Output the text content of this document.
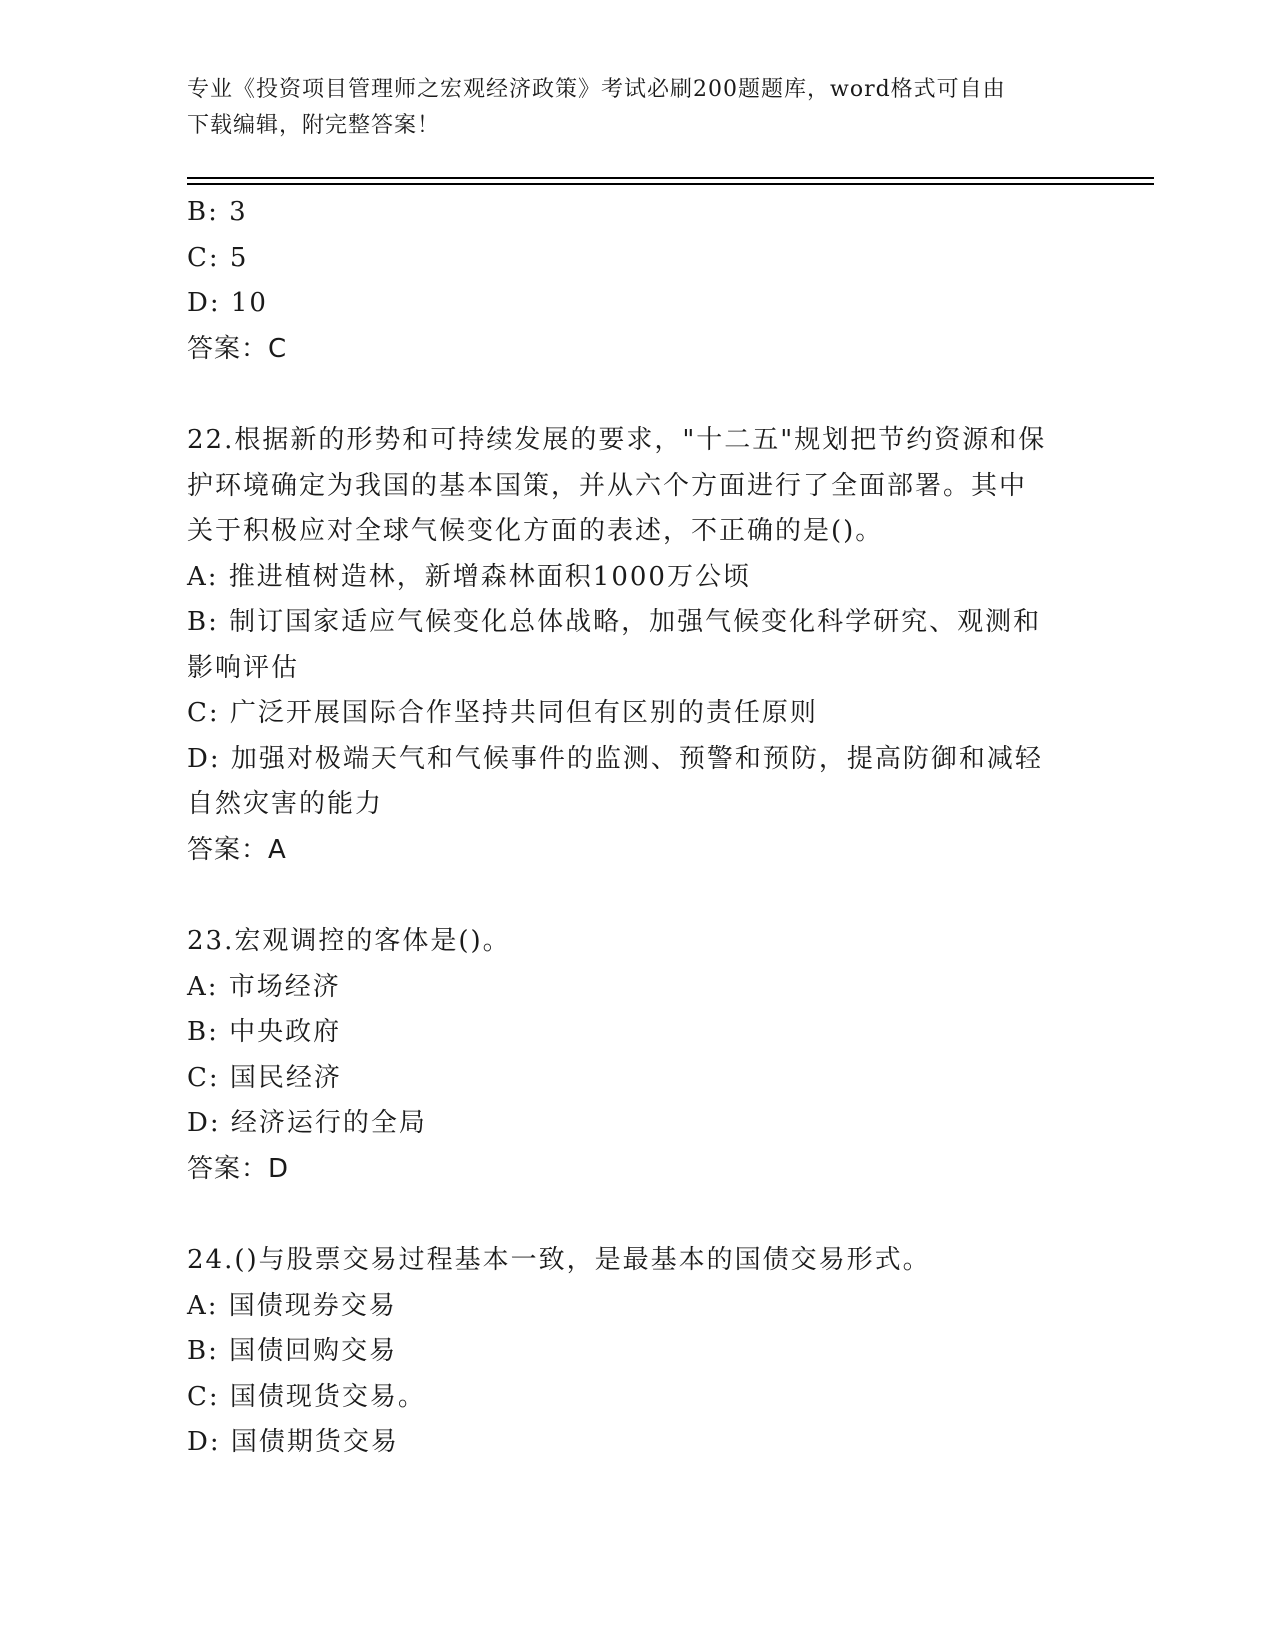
专业《投资项目管理师之宏观经济政策》考试必刷200题题库，word格式可自由
下载编辑，附完整答案！

B: 3

C: 5

D: 10

答案：C

22.根据新的形势和可持续发展的要求，"十二五"规划把节约资源和保

护环境确定为我国的基本国策，并从六个方面进行了全面部署。其中

关于积极应对全球气候变化方面的表述，不正确的是()。

A: 推进植树造林，新增森林面积1000万公顷

B: 制订国家适应气候变化总体战略，加强气候变化科学研究、观测和

影响评估

C: 广泛开展国际合作坚持共同但有区别的责任原则

D: 加强对极端天气和气候事件的监测、预警和预防，提高防御和减轻

自然灾害的能力

答案：A

23.宏观调控的客体是()。

A: 市场经济

B: 中央政府

C: 国民经济

D: 经济运行的全局

答案：D

24.()与股票交易过程基本一致，是最基本的国债交易形式。

A: 国债现券交易

B: 国债回购交易

C: 国债现货交易。

D: 国债期货交易
